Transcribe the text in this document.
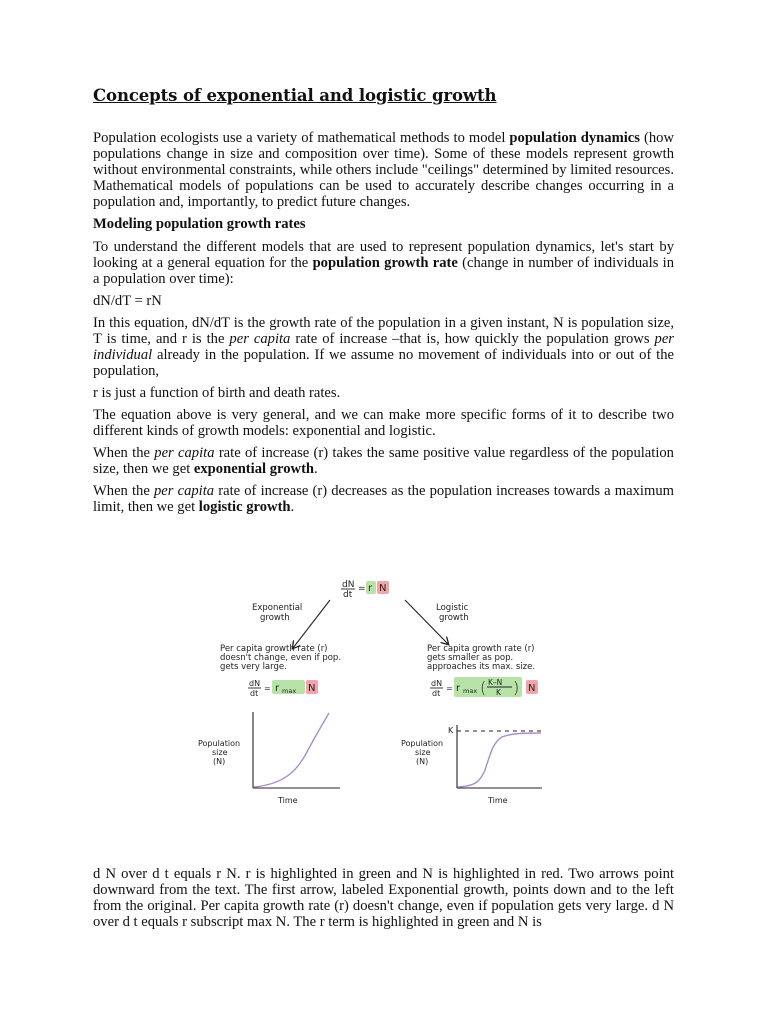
Concepts of exponential and logistic growth

Population ecologists use a variety of mathematical methods to model population dynamics (how populations change in size and composition over time). Some of these models represent growth without environmental constraints, while others include "ceilings" determined by limited resources. Mathematical models of populations can be used to accurately describe changes occurring in a population and, importantly, to predict future changes.

Modeling population growth rates

To understand the different models that are used to represent population dynamics, let's start by looking at a general equation for the population growth rate (change in number of individuals in a population over time):

dN/dT = rN

In this equation, dN/dT is the growth rate of the population in a given instant, N is population size, T is time, and r is the per capita rate of increase –that is, how quickly the population grows per individual already in the population. If we assume no movement of individuals into or out of the population,

r is just a function of birth and death rates.

The equation above is very general, and we can make more specific forms of it to describe two different kinds of growth models: exponential and logistic.

When the per capita rate of increase (r) takes the same positive value regardless of the population size, then we get exponential growth.

When the per capita rate of increase (r) decreases as the population increases towards a maximum limit, then we get logistic growth.

dN
dt
= r N
Exponential
growth
Logistic
growth
Per capita growth rate (r)
doesn't change, even if pop.
gets very large.
Per capita growth rate (r)
gets smaller as pop.
approaches its max. size.
dN
dt
= r max N	dN
dt
= r max ( K–N
K ) N
Population
size
(N)
Time
Population
size
(N)
K
Time

d N over d t equals r N. r is highlighted in green and N is highlighted in red. Two arrows point downward from the text. The first arrow, labeled Exponential growth, points down and to the left from the original. Per capita growth rate (r) doesn't change, even if population gets very large. d N over d t equals r subscript max N. The r term is highlighted in green and N is
